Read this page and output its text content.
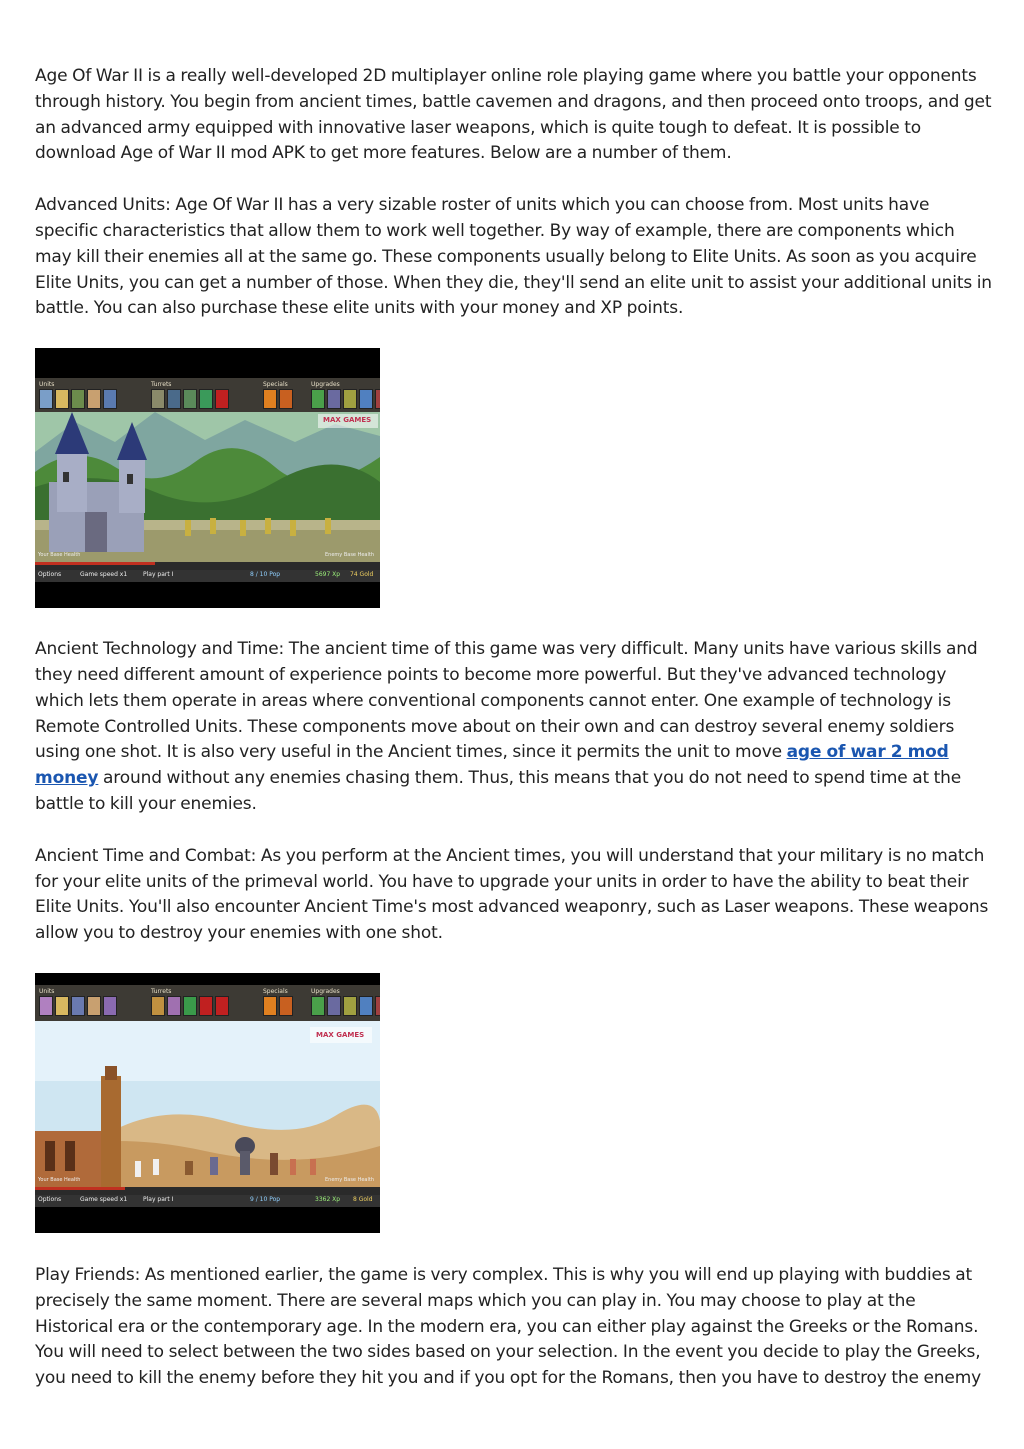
Age Of War II is a really well-developed 2D multiplayer online role playing game where you battle your opponents through history. You begin from ancient times, battle cavemen and dragons, and then proceed onto troops, and get an advanced army equipped with innovative laser weapons, which is quite tough to defeat. It is possible to download Age of War II mod APK to get more features. Below are a number of them.

Advanced Units: Age Of War II has a very sizable roster of units which you can choose from. Most units have specific characteristics that allow them to work well together. By way of example, there are components which may kill their enemies all at the same go. These components usually belong to Elite Units. As soon as you acquire Elite Units, you can get a number of those. When they die, they'll send an elite unit to assist your additional units in battle. You can also purchase these elite units with your money and XP points.

Units	Turrets	Specials	Upgrades
MAX GAMES
Your Base Health	Enemy Base Health
Options	Game speed x1	Play part I	8 / 10 Pop	5697 Xp 74 Gold

Ancient Technology and Time: The ancient time of this game was very difficult. Many units have various skills and they need different amount of experience points to become more powerful. But they've advanced technology which lets them operate in areas where conventional components cannot enter. One example of technology is Remote Controlled Units. These components move about on their own and can destroy several enemy soldiers using one shot. It is also very useful in the Ancient times, since it permits the unit to move age of war 2 mod money around without any enemies chasing them. Thus, this means that you do not need to spend time at the battle to kill your enemies.

Ancient Time and Combat: As you perform at the Ancient times, you will understand that your military is no match for your elite units of the primeval world. You have to upgrade your units in order to have the ability to beat their Elite Units. You'll also encounter Ancient Time's most advanced weaponry, such as Laser weapons. These weapons allow you to destroy your enemies with one shot.

Units	Turrets	Specials	Upgrades
MAX GAMES
Your Base Health	Enemy Base Health
Options	Game speed x1	Play part I	9 / 10 Pop	3362 Xp 8 Gold

Play Friends: As mentioned earlier, the game is very complex. This is why you will end up playing with buddies at precisely the same moment. There are several maps which you can play in. You may choose to play at the Historical era or the contemporary age. In the modern era, you can either play against the Greeks or the Romans. You will need to select between the two sides based on your selection. In the event you decide to play the Greeks, you need to kill the enemy before they hit you and if you opt for the Romans, then you have to destroy the enemy
